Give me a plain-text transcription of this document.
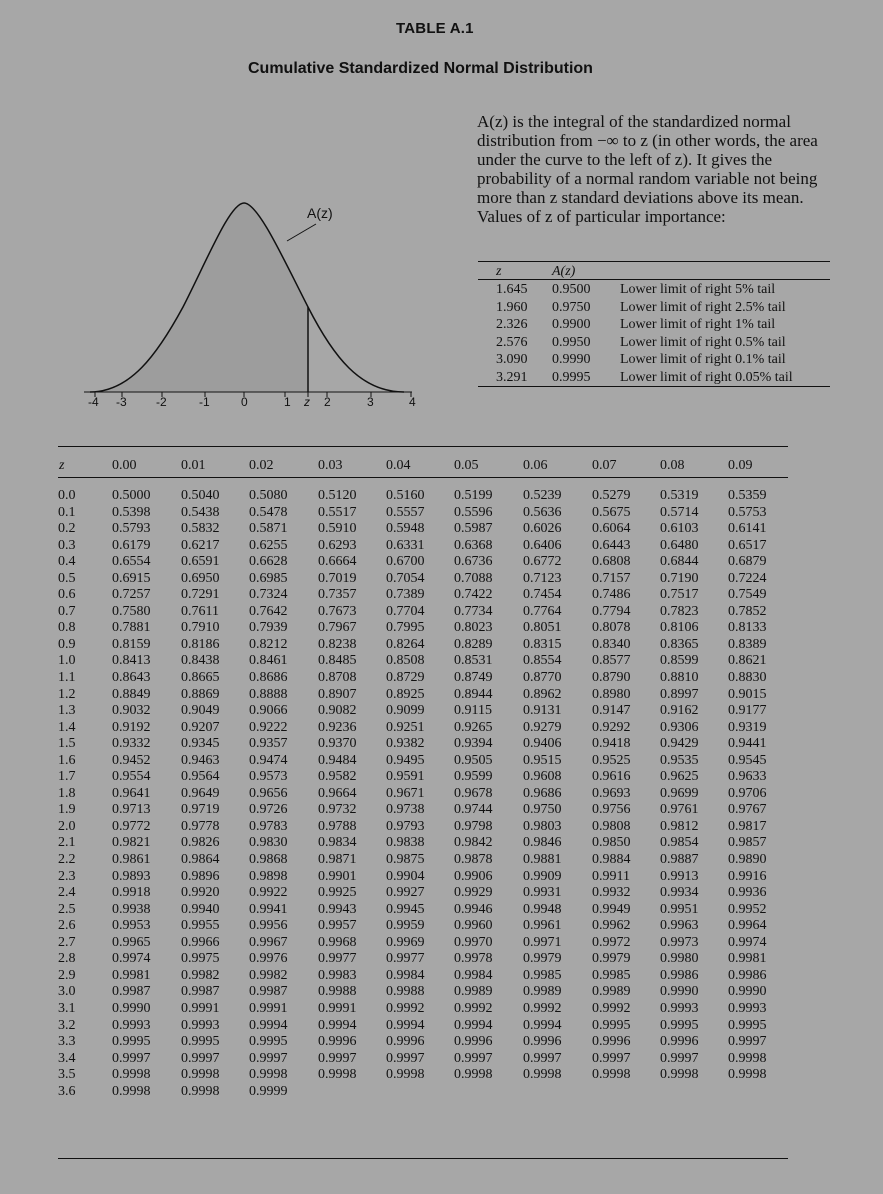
TABLE A.1
Cumulative Standardized Normal Distribution
A(z)
-4 -3 -2	-1	0	1 z 2	3	4
A(z) is the integral of the standardized normal distribution from −∞ to z (in other words, the area under the curve to the left of z). It gives the probability of a normal random variable not being more than z standard deviations above its mean. Values of z of particular importance:
z	A(z)
1.645	0.9500	Lower limit of right 5% tail
1.960	0.9750	Lower limit of right 2.5% tail
2.326	0.9900	Lower limit of right 1% tail
2.576	0.9950	Lower limit of right 0.5% tail
3.090	0.9990	Lower limit of right 0.1% tail
3.291	0.9995	Lower limit of right 0.05% tail
z	0.00	0.01	0.02	0.03	0.04	0.05	0.06	0.07	0.08	0.09
0.0	0.5000 0.5040 0.5080 0.5120 0.5160 0.5199 0.5239 0.5279 0.5319 0.5359
0.1	0.5398 0.5438 0.5478 0.5517 0.5557 0.5596 0.5636 0.5675 0.5714 0.5753
0.2	0.5793 0.5832 0.5871 0.5910 0.5948 0.5987 0.6026 0.6064 0.6103 0.6141
0.3	0.6179 0.6217 0.6255 0.6293 0.6331 0.6368 0.6406 0.6443 0.6480 0.6517
0.4	0.6554 0.6591 0.6628 0.6664 0.6700 0.6736 0.6772 0.6808 0.6844 0.6879
0.5	0.6915 0.6950 0.6985 0.7019 0.7054 0.7088 0.7123 0.7157 0.7190 0.7224
0.6	0.7257 0.7291 0.7324 0.7357 0.7389 0.7422 0.7454 0.7486 0.7517 0.7549
0.7	0.7580 0.7611 0.7642 0.7673 0.7704 0.7734 0.7764 0.7794 0.7823 0.7852
0.8	0.7881 0.7910 0.7939 0.7967 0.7995 0.8023 0.8051 0.8078 0.8106 0.8133
0.9	0.8159 0.8186 0.8212 0.8238 0.8264 0.8289 0.8315 0.8340 0.8365 0.8389
1.0	0.8413 0.8438 0.8461 0.8485 0.8508 0.8531 0.8554 0.8577 0.8599 0.8621
1.1	0.8643 0.8665 0.8686 0.8708 0.8729 0.8749 0.8770 0.8790 0.8810 0.8830
1.2	0.8849 0.8869 0.8888 0.8907 0.8925 0.8944 0.8962 0.8980 0.8997 0.9015
1.3	0.9032 0.9049 0.9066 0.9082 0.9099 0.9115 0.9131 0.9147 0.9162 0.9177
1.4	0.9192 0.9207 0.9222 0.9236 0.9251 0.9265 0.9279 0.9292 0.9306 0.9319
1.5	0.9332 0.9345 0.9357 0.9370 0.9382 0.9394 0.9406 0.9418 0.9429 0.9441
1.6	0.9452 0.9463 0.9474 0.9484 0.9495 0.9505 0.9515 0.9525 0.9535 0.9545
1.7	0.9554 0.9564 0.9573 0.9582 0.9591 0.9599 0.9608 0.9616 0.9625 0.9633
1.8	0.9641 0.9649 0.9656 0.9664 0.9671 0.9678 0.9686 0.9693 0.9699 0.9706
1.9	0.9713 0.9719 0.9726 0.9732 0.9738 0.9744 0.9750 0.9756 0.9761 0.9767
2.0	0.9772 0.9778 0.9783 0.9788 0.9793 0.9798 0.9803 0.9808 0.9812 0.9817
2.1	0.9821 0.9826 0.9830 0.9834 0.9838 0.9842 0.9846 0.9850 0.9854 0.9857
2.2	0.9861 0.9864 0.9868 0.9871 0.9875 0.9878 0.9881 0.9884 0.9887 0.9890
2.3	0.9893 0.9896 0.9898 0.9901 0.9904 0.9906 0.9909 0.9911 0.9913 0.9916
2.4	0.9918 0.9920 0.9922 0.9925 0.9927 0.9929 0.9931 0.9932 0.9934 0.9936
2.5	0.9938 0.9940 0.9941 0.9943 0.9945 0.9946 0.9948 0.9949 0.9951 0.9952
2.6	0.9953 0.9955 0.9956 0.9957 0.9959 0.9960 0.9961 0.9962 0.9963 0.9964
2.7	0.9965 0.9966 0.9967 0.9968 0.9969 0.9970 0.9971 0.9972 0.9973 0.9974
2.8	0.9974 0.9975 0.9976 0.9977 0.9977 0.9978 0.9979 0.9979 0.9980 0.9981
2.9	0.9981 0.9982 0.9982 0.9983 0.9984 0.9984 0.9985 0.9985 0.9986 0.9986
3.0	0.9987 0.9987 0.9987 0.9988 0.9988 0.9989 0.9989 0.9989 0.9990 0.9990
3.1	0.9990 0.9991 0.9991 0.9991 0.9992 0.9992 0.9992 0.9992 0.9993 0.9993
3.2	0.9993 0.9993 0.9994 0.9994 0.9994 0.9994 0.9994 0.9995 0.9995 0.9995
3.3	0.9995 0.9995 0.9995 0.9996 0.9996 0.9996 0.9996 0.9996 0.9996 0.9997
3.4	0.9997 0.9997 0.9997 0.9997 0.9997 0.9997 0.9997 0.9997 0.9997 0.9998
3.5	0.9998 0.9998 0.9998 0.9998 0.9998 0.9998 0.9998 0.9998 0.9998 0.9998
3.6	0.9998 0.9998 0.9999
